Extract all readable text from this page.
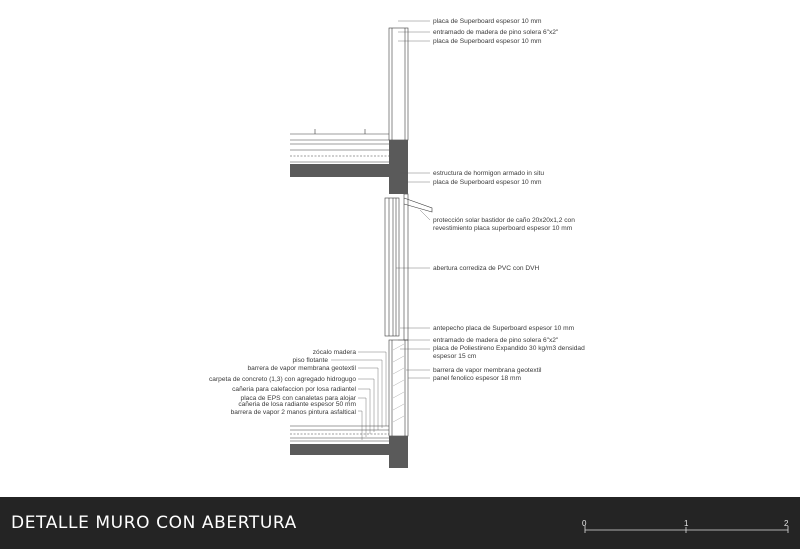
placa de Superboard espesor 10 mm
entramado de madera de pino solera 6"x2"
placa de Superboard espesor 10 mm
estructura de hormigon armado in situ
placa de Superboard espesor 10 mm
protección solar bastidor de caño 20x20x1,2 con
revestimiento placa superboard espesor 10 mm
abertura corrediza de PVC con DVH
antepecho placa de Superboard espesor 10 mm
entramado de madera de pino solera 6"x2"
placa de Poliestireno Expandido 30 kg/m3 densidad
espesor 15 cm
barrera de vapor membrana geotextil
panel fenolico espesor 18 mm
zócalo madera
piso flotante
barrera de vapor membrana geotextil
carpeta de concreto (1,3) con agregado hidrogugo
cañeria para calefaccion por losa radiantel
placa de EPS con canaletas para alojar
cañeria de losa radiante espesor 50 mm
barrera de vapor 2 manos pintura asfaltical
DETALLE MURO CON ABERTURA	0	1	2
